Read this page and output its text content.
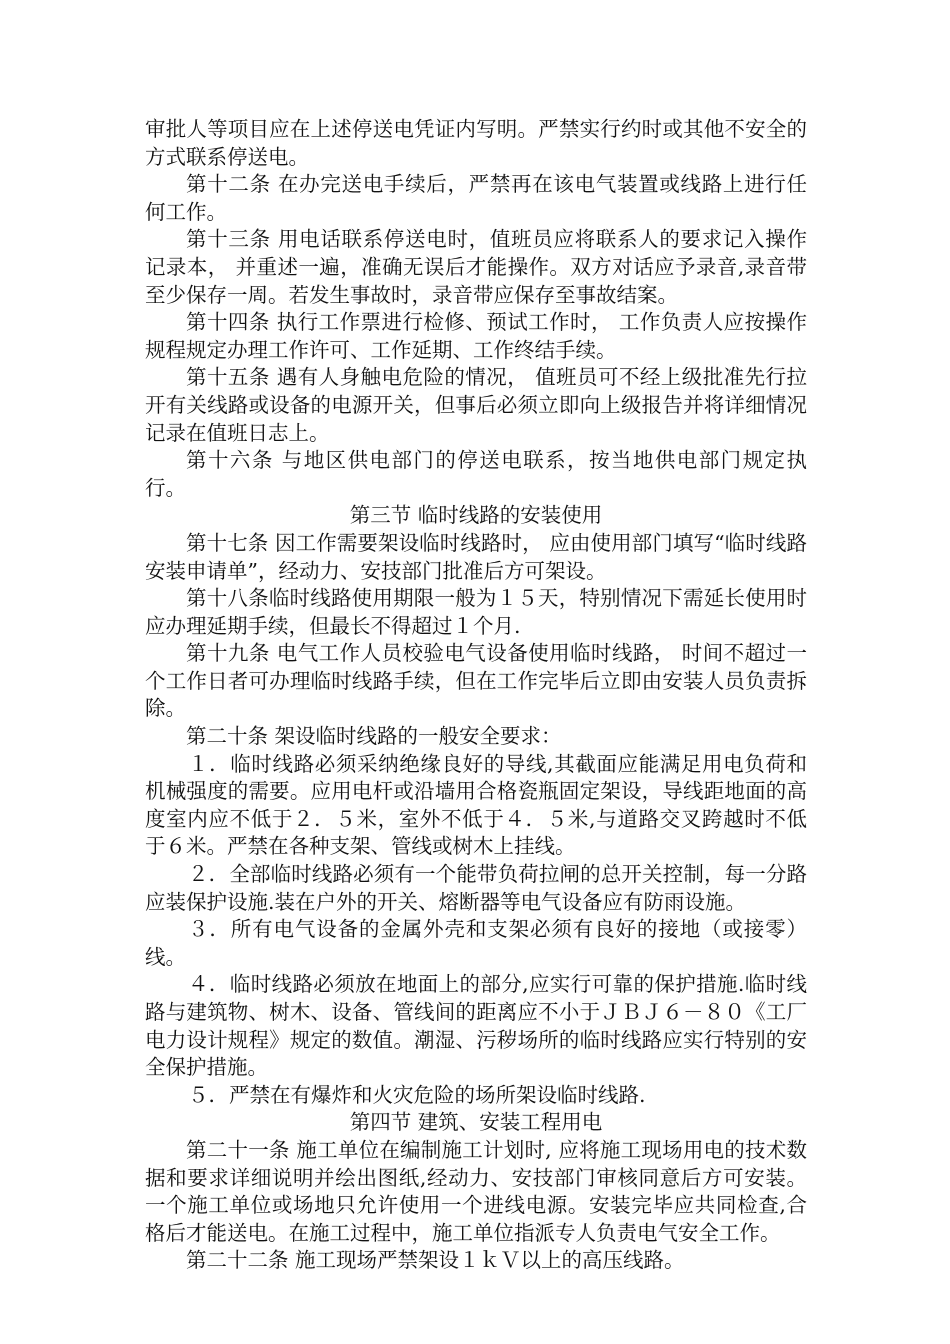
审批人等项目应在上述停送电凭证内写明。严禁实行约时或其他不安全的方式联系停送电。

第十二条 在办完送电手续后，严禁再在该电气装置或线路上进行任何工作。

第十三条 用电话联系停送电时，值班员应将联系人的要求记入操作记录本， 并重述一遍，准确无误后才能操作。双方对话应予录音,录音带至少保存一周。若发生事故时，录音带应保存至事故结案。

第十四条 执行工作票进行检修、预试工作时， 工作负责人应按操作规程规定办理工作许可、工作延期、工作终结手续。

第十五条 遇有人身触电危险的情况， 值班员可不经上级批准先行拉开有关线路或设备的电源开关，但事后必须立即向上级报告并将详细情况记录在值班日志上。

第十六条 与地区供电部门的停送电联系，按当地供电部门规定执行。

第三节 临时线路的安装使用

第十七条 因工作需要架设临时线路时， 应由使用部门填写“临时线路安装申请单”，经动力、安技部门批准后方可架设。

第十八条临时线路使用期限一般为１５天，特别情况下需延长使用时应办理延期手续，但最长不得超过１个月.

第十九条 电气工作人员校验电气设备使用临时线路， 时间不超过一个工作日者可办理临时线路手续，但在工作完毕后立即由安装人员负责拆除。

第二十条 架设临时线路的一般安全要求：

１．临时线路必须采纳绝缘良好的导线,其截面应能满足用电负荷和机械强度的需要。应用电杆或沿墙用合格瓷瓶固定架设，导线距地面的高度室内应不低于２．５米，室外不低于４．５米,与道路交叉跨越时不低于６米。严禁在各种支架、管线或树木上挂线。

２．全部临时线路必须有一个能带负荷拉闸的总开关控制，每一分路应装保护设施.装在户外的开关、熔断器等电气设备应有防雨设施。

３．所有电气设备的金属外壳和支架必须有良好的接地（或接零）线。

４．临时线路必须放在地面上的部分,应实行可靠的保护措施.临时线路与建筑物、树木、设备、管线间的距离应不小于ＪＢＪ６－８０《工厂电力设计规程》规定的数值。潮湿、污秽场所的临时线路应实行特别的安全保护措施。

５．严禁在有爆炸和火灾危险的场所架设临时线路.

第四节 建筑、安装工程用电

第二十一条 施工单位在编制施工计划时, 应将施工现场用电的技术数据和要求详细说明并绘出图纸,经动力、安技部门审核同意后方可安装。一个施工单位或场地只允许使用一个进线电源。安装完毕应共同检查,合格后才能送电。在施工过程中，施工单位指派专人负责电气安全工作。

第二十二条 施工现场严禁架设１ｋＶ以上的高压线路。
